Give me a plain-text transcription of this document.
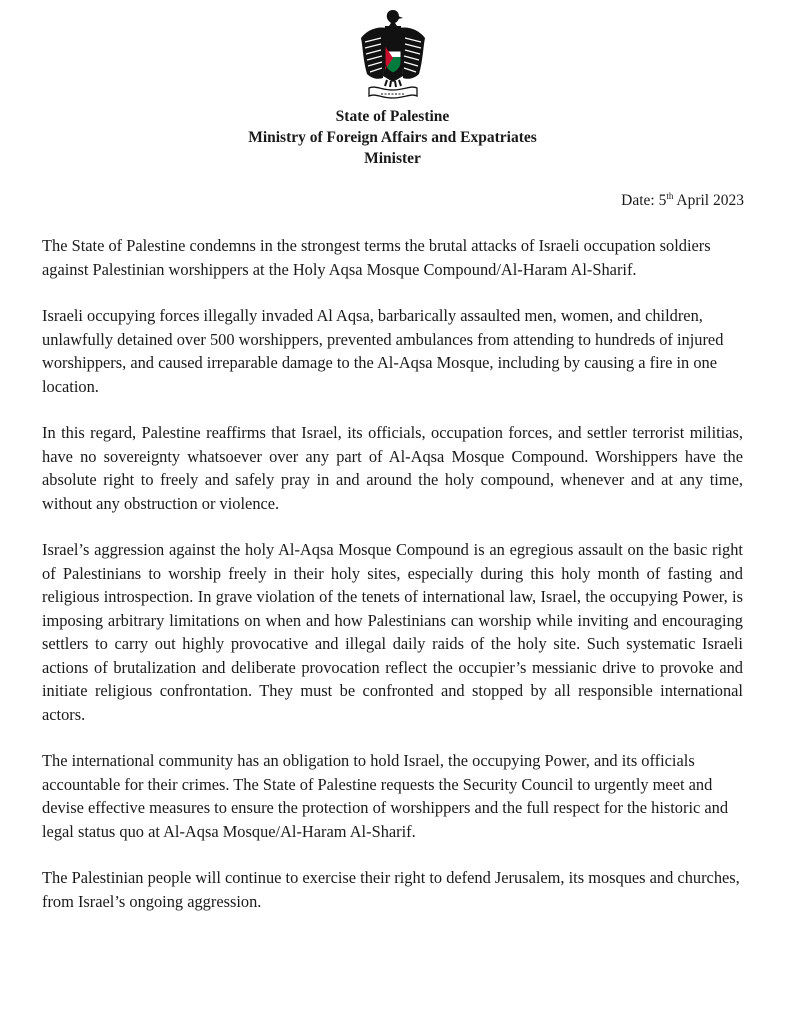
State of Palestine
Ministry of Foreign Affairs and Expatriates
Minister
Date: 5th April 2023

The State of Palestine condemns in the strongest terms the brutal attacks of Israeli occupation soldiers against Palestinian worshippers at the Holy Aqsa Mosque Compound/Al-Haram Al-Sharif.

Israeli occupying forces illegally invaded Al Aqsa, barbarically assaulted men, women, and children, unlawfully detained over 500 worshippers, prevented ambulances from attending to hundreds of injured worshippers, and caused irreparable damage to the Al-Aqsa Mosque, including by causing a fire in one location.

In this regard, Palestine reaffirms that Israel, its officials, occupation forces, and settler terrorist militias, have no sovereignty whatsoever over any part of Al-Aqsa Mosque Compound. Worshippers have the absolute right to freely and safely pray in and around the holy compound, whenever and at any time, without any obstruction or violence.

Israel’s aggression against the holy Al-Aqsa Mosque Compound is an egregious assault on the basic right of Palestinians to worship freely in their holy sites, especially during this holy month of fasting and religious introspection. In grave violation of the tenets of international law, Israel, the occupying Power, is imposing arbitrary limitations on when and how Palestinians can worship while inviting and encouraging settlers to carry out highly provocative and illegal daily raids of the holy site. Such systematic Israeli actions of brutalization and deliberate provocation reflect the occupier’s messianic drive to provoke and initiate religious confrontation. They must be confronted and stopped by all responsible international actors.

The international community has an obligation to hold Israel, the occupying Power, and its officials accountable for their crimes. The State of Palestine requests the Security Council to urgently meet and devise effective measures to ensure the protection of worshippers and the full respect for the historic and legal status quo at Al-Aqsa Mosque/Al-Haram Al-Sharif.

The Palestinian people will continue to exercise their right to defend Jerusalem, its mosques and churches, from Israel’s ongoing aggression.
